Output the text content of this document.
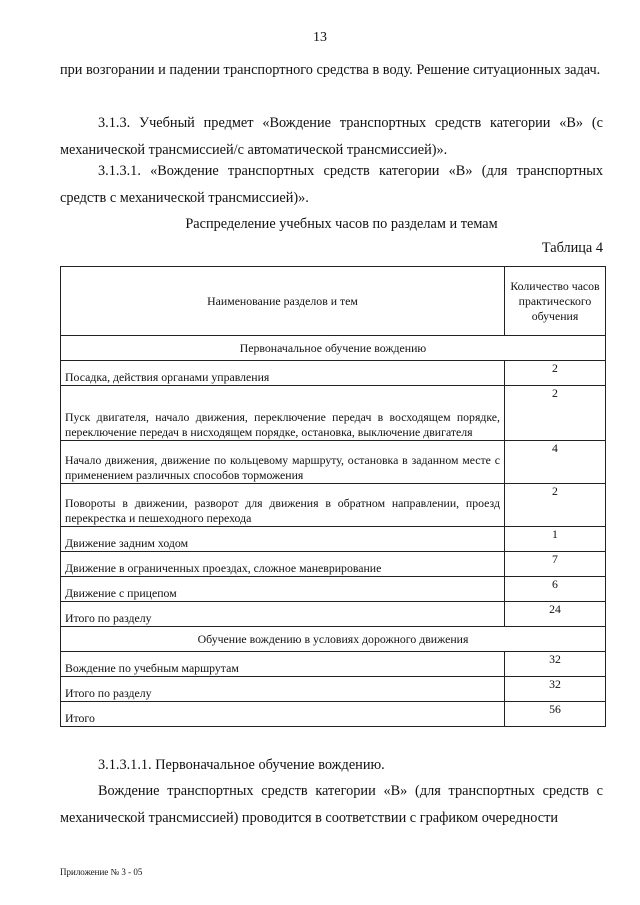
13

при возгорании и падении транспортного средства в воду. Решение ситуационных задач.

3.1.3. Учебный предмет «Вождение транспортных средств категории «В» (с механической трансмиссией/с автоматической трансмиссией)».

3.1.3.1. «Вождение транспортных средств категории «В» (для транспортных средств с механической трансмиссией)».

Распределение учебных часов по разделам и темам
Таблица 4
Наименование разделов и тем	Количество часов практического обучения
Первоначальное обучение вождению	
Посадка, действия органами управления	2
Пуск двигателя, начало движения, переключение передач в восходящем порядке, переключение передач в нисходящем порядке, остановка, выключение двигателя	2
Начало движения, движение по кольцевому маршруту, остановка в заданном месте с применением различных способов торможения	4
Повороты в движении, разворот для движения в обратном направлении, проезд перекрестка и пешеходного перехода	2
Движение задним ходом	1
Движение в ограниченных проездах, сложное маневрирование	7
Движение с прицепом	6
Итого по разделу	24
Обучение вождению в условиях дорожного движения	
Вождение по учебным маршрутам	32
Итого по разделу	32
Итого	56

3.1.3.1.1. Первоначальное обучение вождению.

Вождение транспортных средств категории «В» (для транспортных средств с механической трансмиссией) проводится в соответствии с графиком очередности

Приложение № 3 - 05
